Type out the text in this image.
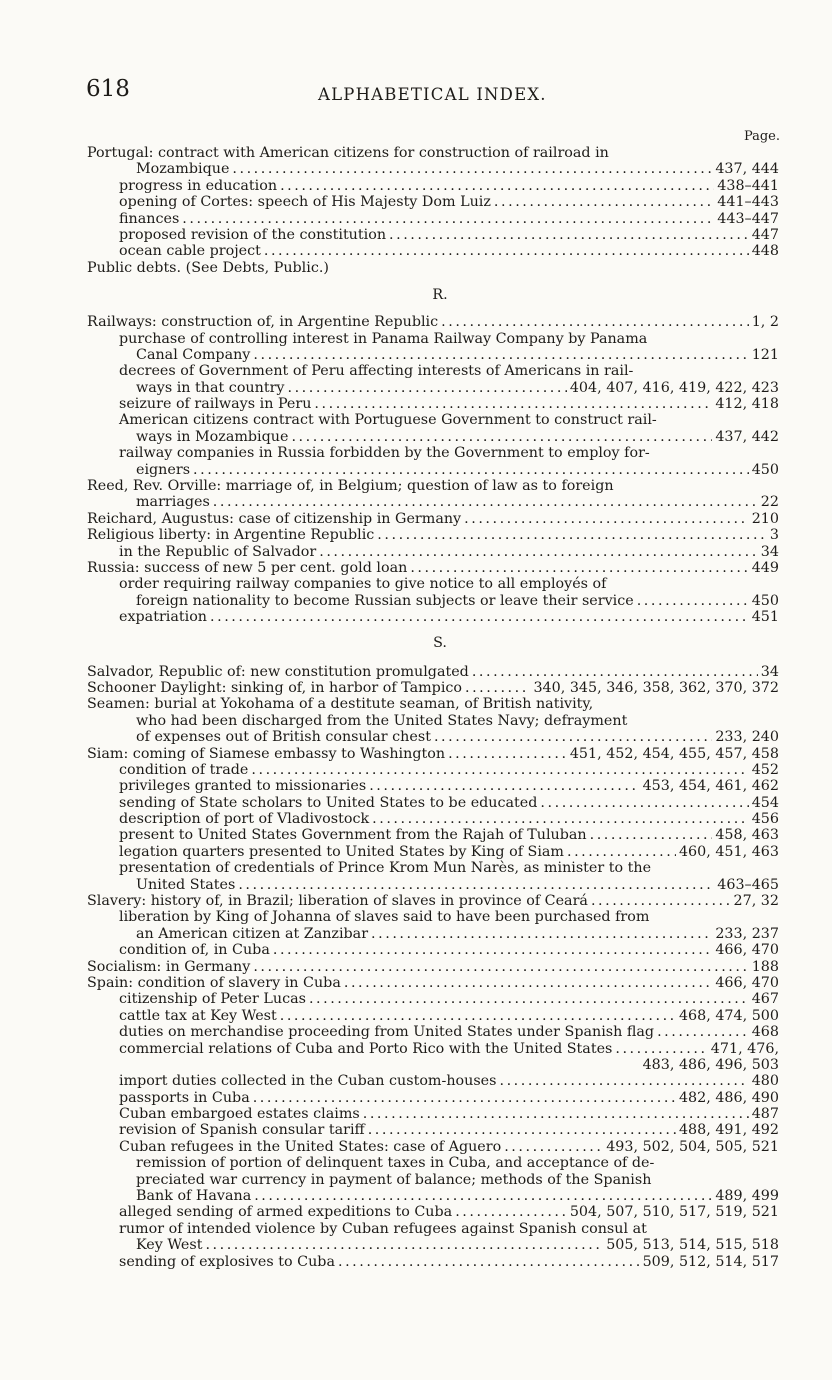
618	ALPHABETICAL INDEX.
Page.
Portugal: contract with American citizens for construction of railroad in
Mozambique . . .	437, 444
progress in education . . .	438–441
opening of Cortes: speech of His Majesty Dom Luiz . . .	441–443
finances . . .	443–447
proposed revision of the constitution . . .	447
ocean cable project . . .	448
Public debts. (See Debts, Public.)
R.
Railways: construction of, in Argentine Republic . . .	1, 2
purchase of controlling interest in Panama Railway Company by Panama
Canal Company . . .	121
decrees of Government of Peru affecting interests of Americans in rail-
ways in that country . . .	404, 407, 416, 419, 422, 423
seizure of railways in Peru . . .	412, 418
American citizens contract with Portuguese Government to construct rail-
ways in Mozambique . . .	437, 442
railway companies in Russia forbidden by the Government to employ for-
eigners . . .	450
Reed, Rev. Orville: marriage of, in Belgium; question of law as to foreign
marriages . . .	22
Reichard, Augustus: case of citizenship in Germany . . .	210
Religious liberty: in Argentine Republic . . .	3
in the Republic of Salvador . . .	34
Russia: success of new 5 per cent. gold loan . . .	449
order requiring railway companies to give notice to all employés of
foreign nationality to become Russian subjects or leave their service . . .	450
expatriation . . .	451
S.
Salvador, Republic of: new constitution promulgated . . .	34
Schooner Daylight: sinking of, in harbor of Tampico . . .	340, 345, 346, 358, 362, 370, 372
Seamen: burial at Yokohama of a destitute seaman, of British nativity,
who had been discharged from the United States Navy; defrayment
of expenses out of British consular chest . . .	233, 240
Siam: coming of Siamese embassy to Washington . . .	451, 452, 454, 455, 457, 458
condition of trade . . .	452
privileges granted to missionaries . . .	453, 454, 461, 462
sending of State scholars to United States to be educated . . .	454
description of port of Vladivostock . . .	456
present to United States Government from the Rajah of Tuluban . . .	458, 463
legation quarters presented to United States by King of Siam . . .	460, 451, 463
presentation of credentials of Prince Krom Mun Narès, as minister to the
United States . . .	463–465
Slavery: history of, in Brazil; liberation of slaves in province of Ceará . . .	27, 32
liberation by King of Johanna of slaves said to have been purchased from
an American citizen at Zanzibar . . .	233, 237
condition of, in Cuba . . .	466, 470
Socialism: in Germany . . .	188
Spain: condition of slavery in Cuba . . .	466, 470
citizenship of Peter Lucas . . .	467
cattle tax at Key West . . .	468, 474, 500
duties on merchandise proceeding from United States under Spanish flag . . .	468
commercial relations of Cuba and Porto Rico with the United States . . .	471, 476,
483, 486, 496, 503
import duties collected in the Cuban custom-houses . . .	480
passports in Cuba . . .	482, 486, 490
Cuban embargoed estates claims . . .	487
revision of Spanish consular tariff . . .	488, 491, 492
Cuban refugees in the United States: case of Aguero . . .	493, 502, 504, 505, 521
remission of portion of delinquent taxes in Cuba, and acceptance of de-
preciated war currency in payment of balance; methods of the Spanish
Bank of Havana . . .	489, 499
alleged sending of armed expeditions to Cuba . . .	504, 507, 510, 517, 519, 521
rumor of intended violence by Cuban refugees against Spanish consul at
Key West . . .	505, 513, 514, 515, 518
sending of explosives to Cuba . . .	509, 512, 514, 517
